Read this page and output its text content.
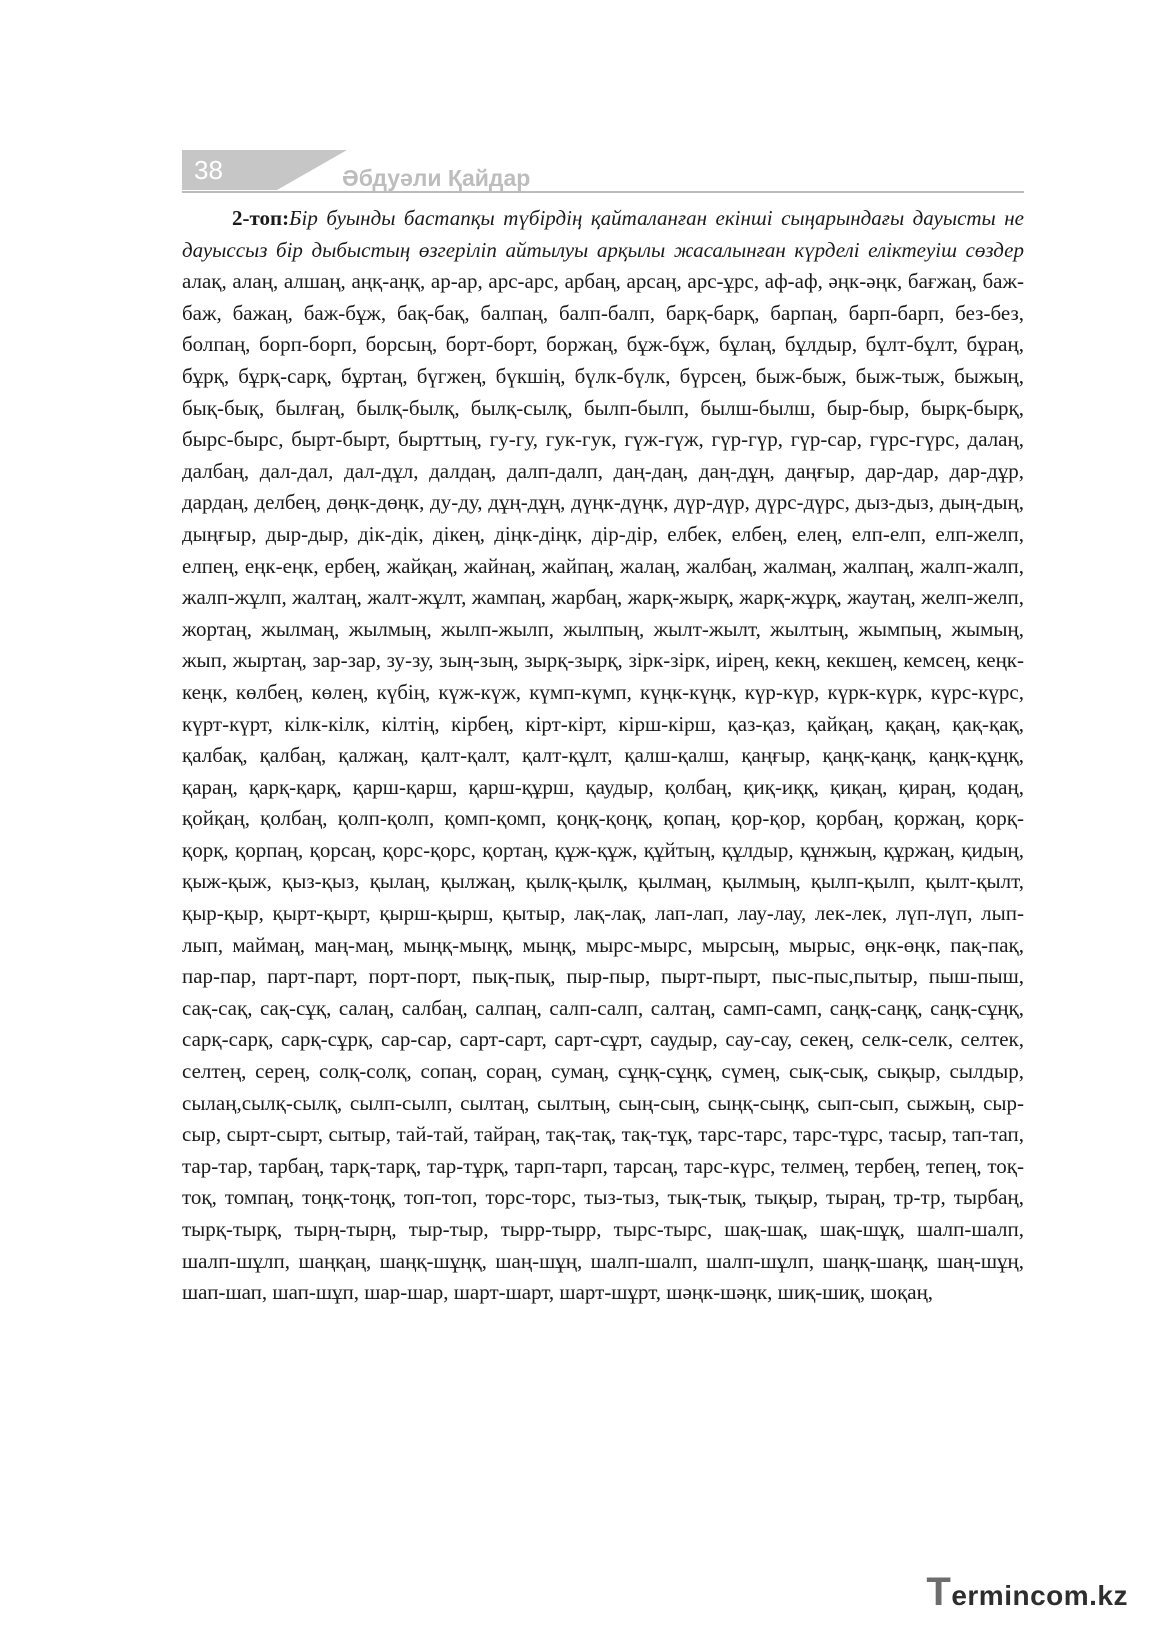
38	Әбдуәли Қайдар

2-топ:Бір буынды бастапқы түбірдің қайталанған екінші сыңарындағы дауысты не дауыссыз бір дыбыстың өзгеріліп айтылуы арқылы жасалынған күрделі еліктеуіш сөздер алақ, алаң, алшаң, аңқ-аңқ, ар-ар, арс-арс, арбаң, арсаң, арс-ұрс, аф-аф, әңк-әңк, бағжаң, баж-баж, бажаң, баж-бұж, бақ-бақ, балпаң, балп-балп, барқ-барқ, барпаң, барп-барп, без-без, болпаң, борп-борп, борсың, борт-борт, боржаң, бұж-бұж, бұлаң, бұлдыр, бұлт-бұлт, бұраң, бұрқ, бұрқ-сарқ, бұртаң, бүгжең, бүкшің, бүлк-бүлк, бүрсең, быж-быж, быж-тыж, быжың, бық-бық, былғаң, былқ-былқ, былқ-сылқ, былп-былп, былш-былш, быр-быр, бырқ-бырқ, бырс-бырс, бырт-бырт, бырттың, гу-гу, гук-гук, гүж-гүж, гүр-гүр, гүр-сар, гүрс-гүрс, далаң, далбаң, дал-дал, дал-дұл, далдаң, далп-далп, даң-даң, даң-дұң, даңғыр, дар-дар, дар-дұр, дардаң, делбең, дөңк-дөңк, ду-ду, дұң-дұң, дүңк-дүңк, дүр-дүр, дүрс-дүрс, дыз-дыз, дың-дың, дыңғыр, дыр-дыр, дік-дік, дікең, діңк-діңк, дір-дір, елбек, елбең, елең, елп-елп, елп-желп, елпең, еңк-еңк, ербең, жайқаң, жайнаң, жайпаң, жалаң, жалбаң, жалмаң, жалпаң, жалп-жалп, жалп-жұлп, жалтаң, жалт-жұлт, жампаң, жарбаң, жарқ-жырқ, жарқ-жұрқ, жаутаң, желп-желп, жортаң, жылмаң, жылмың, жылп-жылп, жылпың, жылт-жылт, жылтың, жымпың, жымың, жып, жыртаң, зар-зар, зу-зу, зың-зың, зырқ-зырқ, зірк-зірк, иірең, кекң, кекшең, кемсең, кеңк-кеңк, көлбең, көлең, күбің, күж-күж, күмп-күмп, күңк-күңк, күр-күр, күрк-күрк, күрс-күрс, күрт-күрт, кілк-кілк, кілтің, кірбең, кірт-кірт, кірш-кірш, қаз-қаз, қайқаң, қақаң, қақ-қақ, қалбақ, қалбаң, қалжаң, қалт-қалт, қалт-құлт, қалш-қалш, қаңғыр, қаңқ-қаңқ, қаңқ-құңқ, қараң, қарқ-қарқ, қарш-қарш, қарш-құрш, қаудыр, қолбаң, қиқ-иққ, қиқаң, қираң, қодаң, қойқаң, қолбаң, қолп-қолп, қомп-қомп, қоңқ-қоңқ, қопаң, қор-қор, қорбаң, қоржаң, қорқ-қорқ, қорпаң, қорсаң, қорс-қорс, қортаң, құж-құж, құйтың, құлдыр, құнжың, құржаң, қидың, қыж-қыж, қыз-қыз, қылаң, қылжаң, қылқ-қылқ, қылмаң, қылмың, қылп-қылп, қылт-қылт, қыр-қыр, қырт-қырт, қырш-қырш, қытыр, лақ-лақ, лап-лап, лау-лау, лек-лек, лүп-лүп, лып-лып, маймаң, маң-маң, мыңқ-мыңқ, мыңқ, мырс-мырс, мырсың, мырыс, өңк-өңк, пақ-пақ, пар-пар, парт-парт, порт-порт, пық-пық, пыр-пыр, пырт-пырт, пыс-пыс,пытыр, пыш-пыш, сақ-сақ, сақ-сұқ, салаң, салбаң, салпаң, салп-салп, салтаң, самп-самп, саңқ-саңқ, саңқ-сұңқ, сарқ-сарқ, сарқ-сұрқ, сар-сар, сарт-сарт, сарт-сұрт, саудыр, сау-сау, секең, селк-селк, селтек, селтең, серең, солқ-солқ, сопаң, сораң, сумаң, сұңқ-сұңқ, сүмең, сық-сық, сықыр, сылдыр, сылаң,сылқ-сылқ, сылп-сылп, сылтаң, сылтың, сың-сың, сыңқ-сыңқ, сып-сып, сыжың, сыр-сыр, сырт-сырт, сытыр, тай-тай, тайраң, тақ-тақ, тақ-тұқ, тарс-тарс, тарс-тұрс, тасыр, тап-тап, тар-тар, тарбаң, тарқ-тарқ, тар-тұрқ, тарп-тарп, тарсаң, тарс-күрс, телмең, тербең, тепең, тоқ-тоқ, томпаң, тоңқ-тоңқ, топ-топ, торс-торс, тыз-тыз, тық-тық, тықыр, тыраң, тр-тр, тырбаң, тырқ-тырқ, тырң-тырң, тыр-тыр, тырр-тырр, тырс-тырс, шақ-шақ, шақ-шұқ, шалп-шалп, шалп-шұлп, шаңқаң, шаңқ-шұңқ, шаң-шұң, шалп-шалп, шалп-шұлп, шаңқ-шаңқ, шаң-шұң, шап-шап, шап-шұп, шар-шар, шарт-шарт, шарт-шұрт, шәңк-шәңк, шиқ-шиқ, шоқаң,

Termincom.kz
